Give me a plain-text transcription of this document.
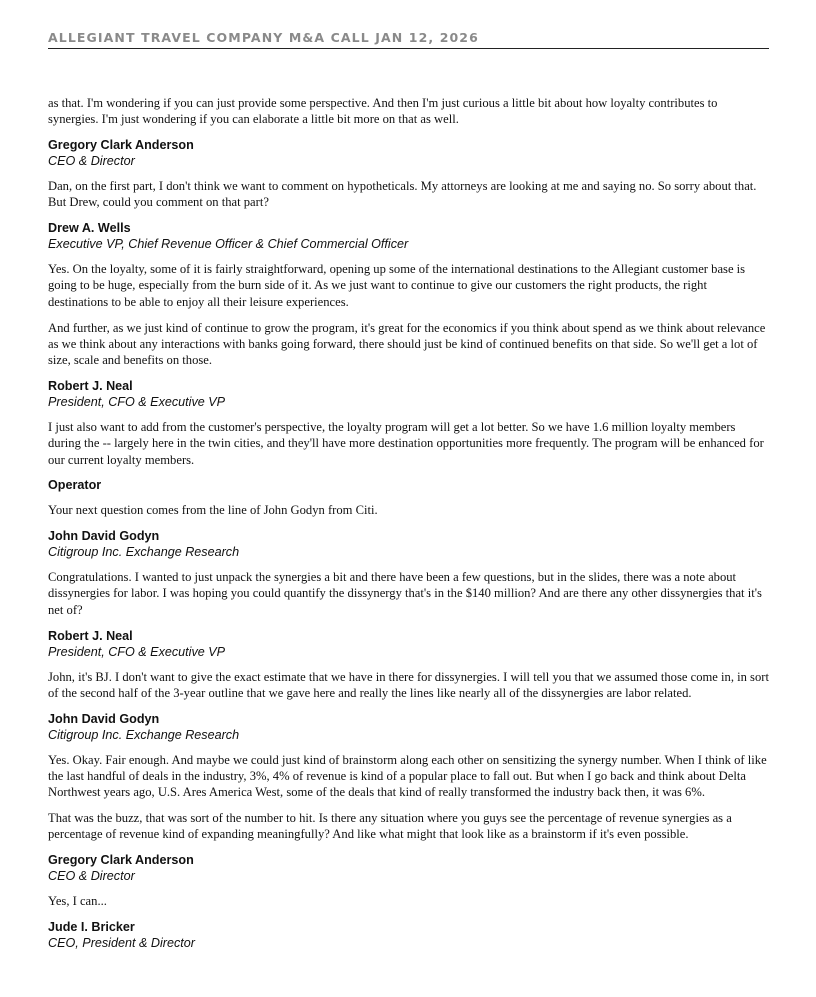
ALLEGIANT TRAVEL COMPANY M&A CALL JAN 12, 2026

as that. I'm wondering if you can just provide some perspective. And then I'm just curious a little bit about how loyalty contributes to synergies. I'm just wondering if you can elaborate a little bit more on that as well.

Gregory Clark Anderson
CEO & Director

Dan, on the first part, I don't think we want to comment on hypotheticals. My attorneys are looking at me and saying no. So sorry about that. But Drew, could you comment on that part?

Drew A. Wells
Executive VP, Chief Revenue Officer & Chief Commercial Officer

Yes. On the loyalty, some of it is fairly straightforward, opening up some of the international destinations to the Allegiant customer base is going to be huge, especially from the burn side of it. As we just want to continue to give our customers the right products, the right destinations to be able to enjoy all their leisure experiences.

And further, as we just kind of continue to grow the program, it's great for the economics if you think about spend as we think about relevance as we think about any interactions with banks going forward, there should just be kind of continued benefits on that side. So we'll get a lot of size, scale and benefits on those.

Robert J. Neal
President, CFO & Executive VP

I just also want to add from the customer's perspective, the loyalty program will get a lot better. So we have 1.6 million loyalty members during the -- largely here in the twin cities, and they'll have more destination opportunities more frequently. The program will be enhanced for our current loyalty members.

Operator

Your next question comes from the line of John Godyn from Citi.

John David Godyn
Citigroup Inc. Exchange Research

Congratulations. I wanted to just unpack the synergies a bit and there have been a few questions, but in the slides, there was a note about dissynergies for labor. I was hoping you could quantify the dissynergy that's in the $140 million? And are there any other dissynergies that it's net of?

Robert J. Neal
President, CFO & Executive VP

John, it's BJ. I don't want to give the exact estimate that we have in there for dissynergies. I will tell you that we assumed those come in, in sort of the second half of the 3-year outline that we gave here and really the lines like nearly all of the dissynergies are labor related.

John David Godyn
Citigroup Inc. Exchange Research

Yes. Okay. Fair enough. And maybe we could just kind of brainstorm along each other on sensitizing the synergy number. When I think of like the last handful of deals in the industry, 3%, 4% of revenue is kind of a popular place to fall out. But when I go back and think about Delta Northwest years ago, U.S. Ares America West, some of the deals that kind of really transformed the industry back then, it was 6%.

That was the buzz, that was sort of the number to hit. Is there any situation where you guys see the percentage of revenue synergies as a percentage of revenue kind of expanding meaningfully? And like what might that look like as a brainstorm if it's even possible.

Gregory Clark Anderson
CEO & Director

Yes, I can...

Jude I. Bricker
CEO, President & Director
